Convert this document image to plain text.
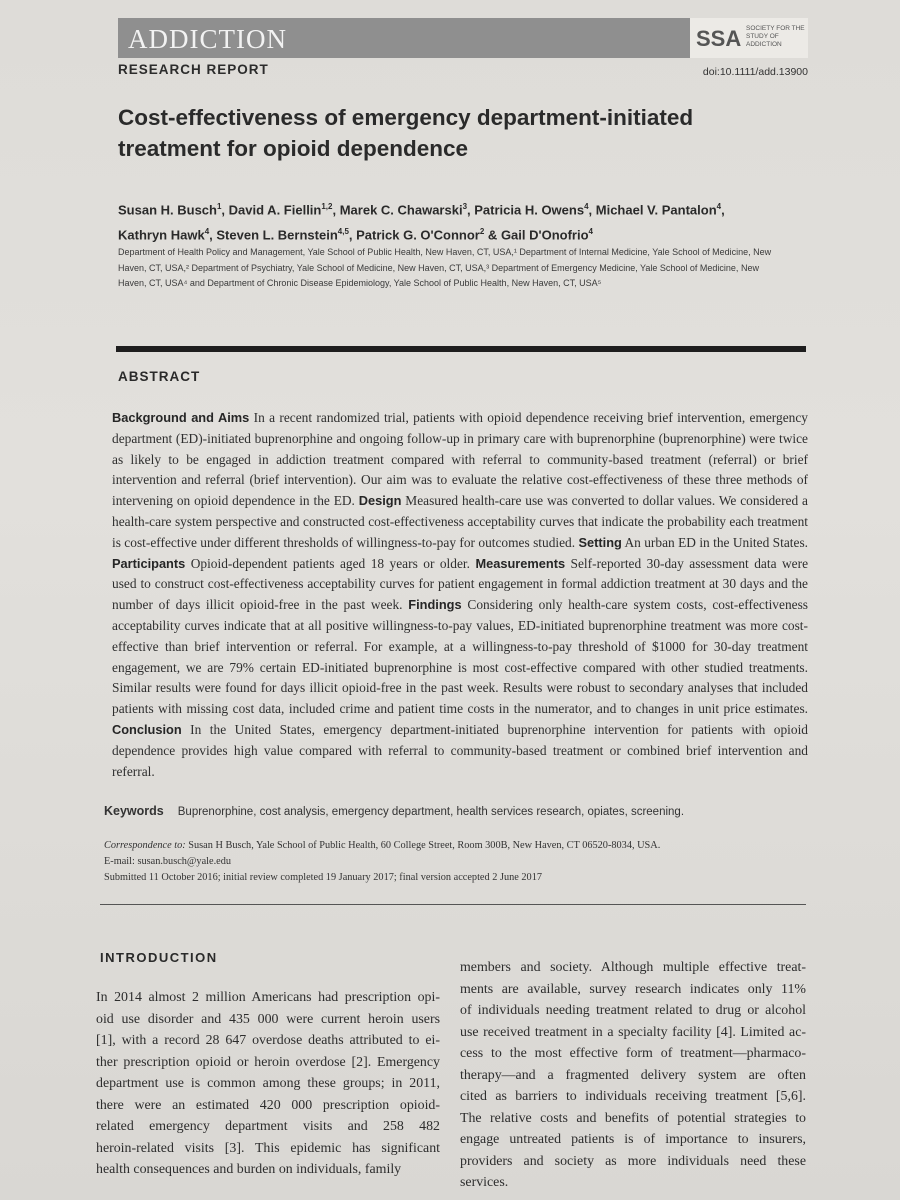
ADDICTION	SSA SOCIETY FOR THE STUDY OF ADDICTION
RESEARCH REPORT	doi:10.1111/add.13900
Cost-effectiveness of emergency department-initiated
treatment for opioid dependence
Susan H. Busch$^1$, David A. Fiellin$^{1,2}$, Marek C. Chawarski$^3$, Patricia H. Owens$^4$, Michael V. Pantalon$^4$,
Kathryn Hawk$^4$, Steven L. Bernstein$^{4,5}$, Patrick G. O'Connor$^2$ & Gail D'Onofrio$^4$
Department of Health Policy and Management, Yale School of Public Health, New Haven, CT, USA,¹ Department of Internal Medicine, Yale School of Medicine, New
Haven, CT, USA,² Department of Psychiatry, Yale School of Medicine, New Haven, CT, USA,³ Department of Emergency Medicine, Yale School of Medicine, New
Haven, CT, USA⁴ and Department of Chronic Disease Epidemiology, Yale School of Public Health, New Haven, CT, USA⁵
ABSTRACT
Background and Aims In a recent randomized trial, patients with opioid dependence receiving brief intervention, emergency department (ED)-initiated buprenorphine and ongoing follow-up in primary care with buprenorphine (buprenorphine) were twice as likely to be engaged in addiction treatment compared with referral to community-based treatment (referral) or brief intervention and referral (brief intervention). Our aim was to evaluate the relative cost-effectiveness of these three methods of intervening on opioid dependence in the ED. Design Measured health-care use was converted to dollar values. We considered a health-care system perspective and constructed cost-effectiveness acceptability curves that indicate the probability each treatment is cost-effective under different thresholds of willingness-to-pay for outcomes studied. Setting An urban ED in the United States. Participants Opioid-dependent patients aged 18 years or older. Measurements Self-reported 30-day assessment data were used to construct cost-effectiveness acceptability curves for patient engagement in formal addiction treatment at 30 days and the number of days illicit opioid-free in the past week. Findings Considering only health-care system costs, cost-effectiveness acceptability curves indicate that at all positive willingness-to-pay values, ED-initiated buprenorphine treatment was more cost-effective than brief intervention or referral. For example, at a willingness-to-pay threshold of $1000 for 30-day treatment engagement, we are 79% certain ED-initiated buprenorphine is most cost-effective compared with other studied treatments. Similar results were found for days illicit opioid-free in the past week. Results were robust to secondary analyses that included patients with missing cost data, included crime and patient time costs in the numerator, and to changes in unit price estimates. Conclusion In the United States, emergency department-initiated buprenorphine intervention for patients with opioid dependence provides high value compared with referral to community-based treatment or combined brief intervention and referral.
Keywords Buprenorphine, cost analysis, emergency department, health services research, opiates, screening.
Correspondence to: Susan H Busch, Yale School of Public Health, 60 College Street, Room 300B, New Haven, CT 06520-8034, USA.
E-mail: susan.busch@yale.edu
Submitted 11 October 2016; initial review completed 19 January 2017; final version accepted 2 June 2017
INTRODUCTION
In 2014 almost 2 million Americans had prescription opi-
oid use disorder and 435 000 were current heroin users
[1], with a record 28 647 overdose deaths attributed to ei-
ther prescription opioid or heroin overdose [2]. Emergency
department use is common among these groups; in 2011,
there were an estimated 420 000 prescription opioid-
related emergency department visits and 258 482
heroin-related visits [3]. This epidemic has significant
health consequences and burden on individuals, family
members and society. Although multiple effective treat-
ments are available, survey research indicates only 11%
of individuals needing treatment related to drug or alcohol
use received treatment in a specialty facility [4]. Limited ac-
cess to the most effective form of treatment—pharmaco-
therapy—and a fragmented delivery system are often
cited as barriers to individuals receiving treatment [5,6].
The relative costs and benefits of potential strategies to
engage untreated patients is of importance to insurers,
providers and society as more individuals need these
services.
